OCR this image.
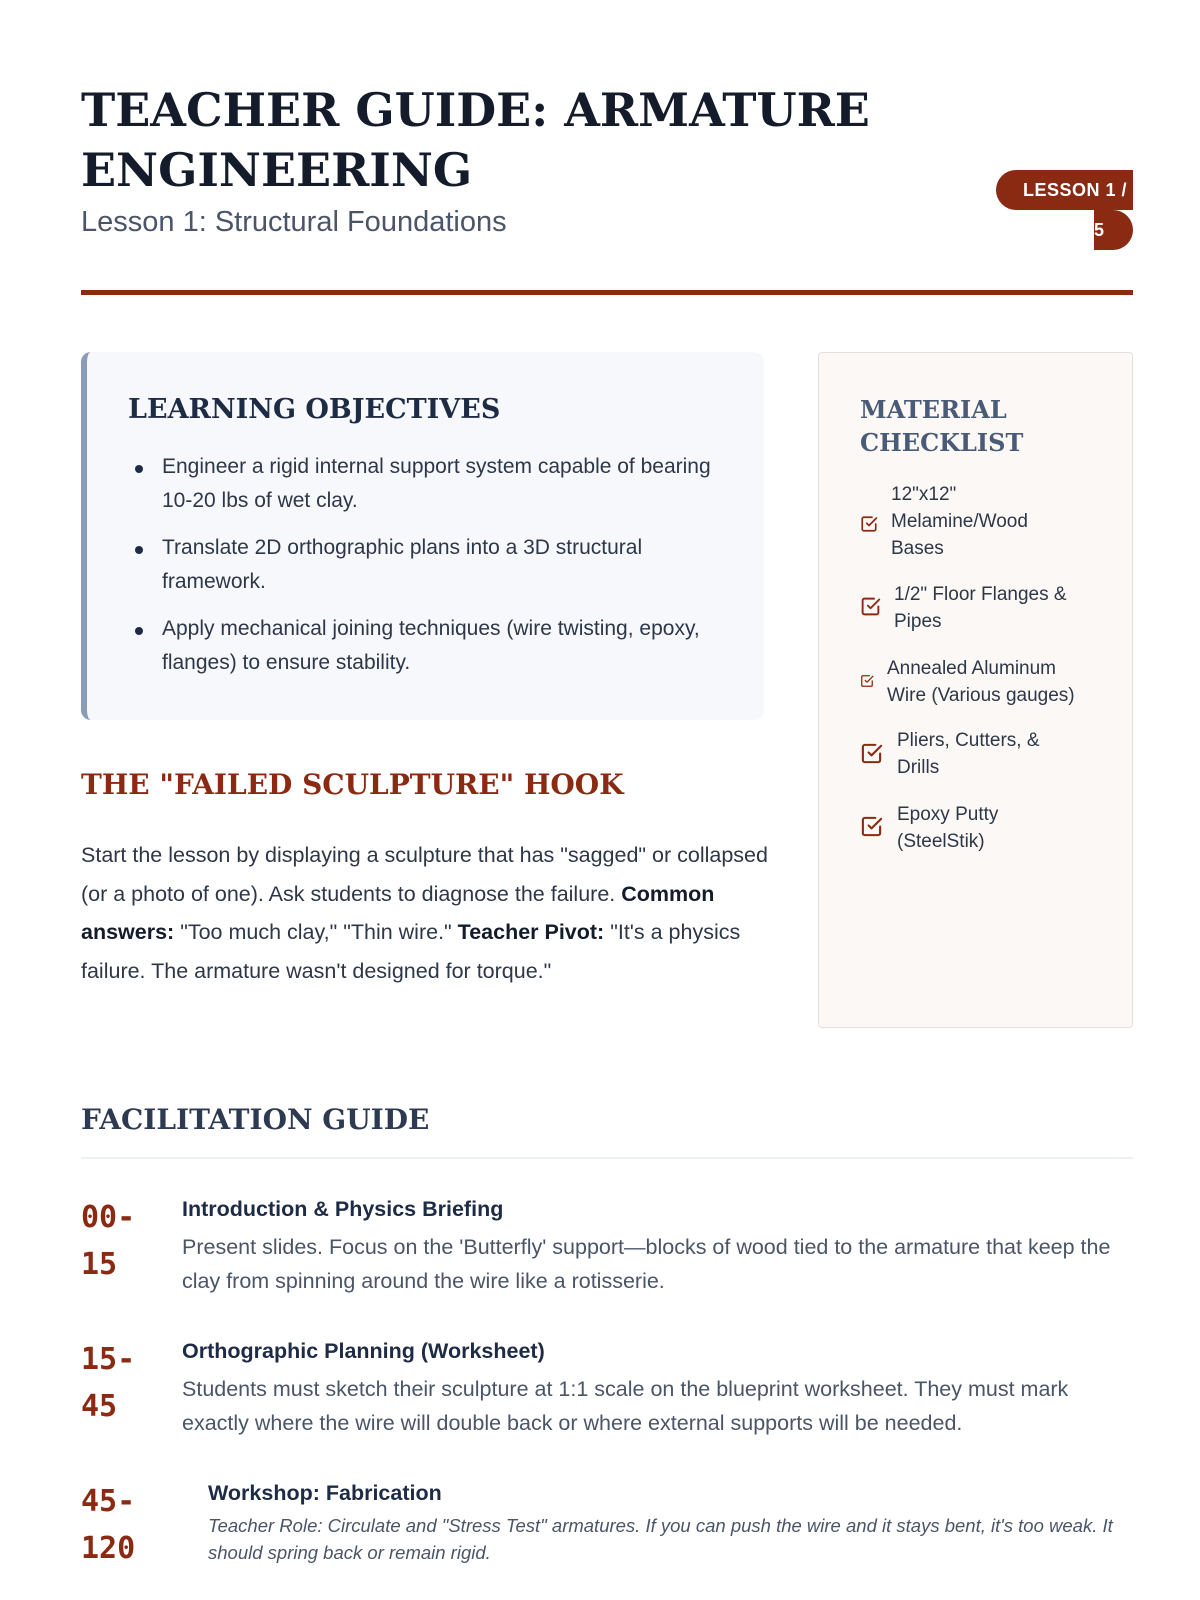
TEACHER GUIDE: ARMATURE ENGINEERING

Lesson 1: Structural Foundations

LESSON 1 /
5
LEARNING OBJECTIVES
Engineer a rigid internal support system capable of bearing 10-20 lbs of wet clay.
Translate 2D orthographic plans into a 3D structural framework.
Apply mechanical joining techniques (wire twisting, epoxy, flanges) to ensure stability.
THE "FAILED SCULPTURE" HOOK

Start the lesson by displaying a sculpture that has "sagged" or collapsed (or a photo of one). Ask students to diagnose the failure. Common answers: "Too much clay," "Thin wire." Teacher Pivot: "It's a physics failure. The armature wasn't designed for torque."

MATERIAL CHECKLIST
12"x12" Melamine/Wood Bases
1/2" Floor Flanges & Pipes
Annealed Aluminum Wire (Various gauges)
Pliers, Cutters, & Drills
Epoxy Putty (SteelStik)
FACILITATION GUIDE
00-15
Introduction & Physics Briefing
Present slides. Focus on the 'Butterfly' support—blocks of wood tied to the armature that keep the clay from spinning around the wire like a rotisserie.
15-45
Orthographic Planning (Worksheet)
Students must sketch their sculpture at 1:1 scale on the blueprint worksheet. They must mark exactly where the wire will double back or where external supports will be needed.
45-120
Workshop: Fabrication
Teacher Role: Circulate and "Stress Test" armatures. If you can push the wire and it stays bent, it's too weak. It should spring back or remain rigid.
